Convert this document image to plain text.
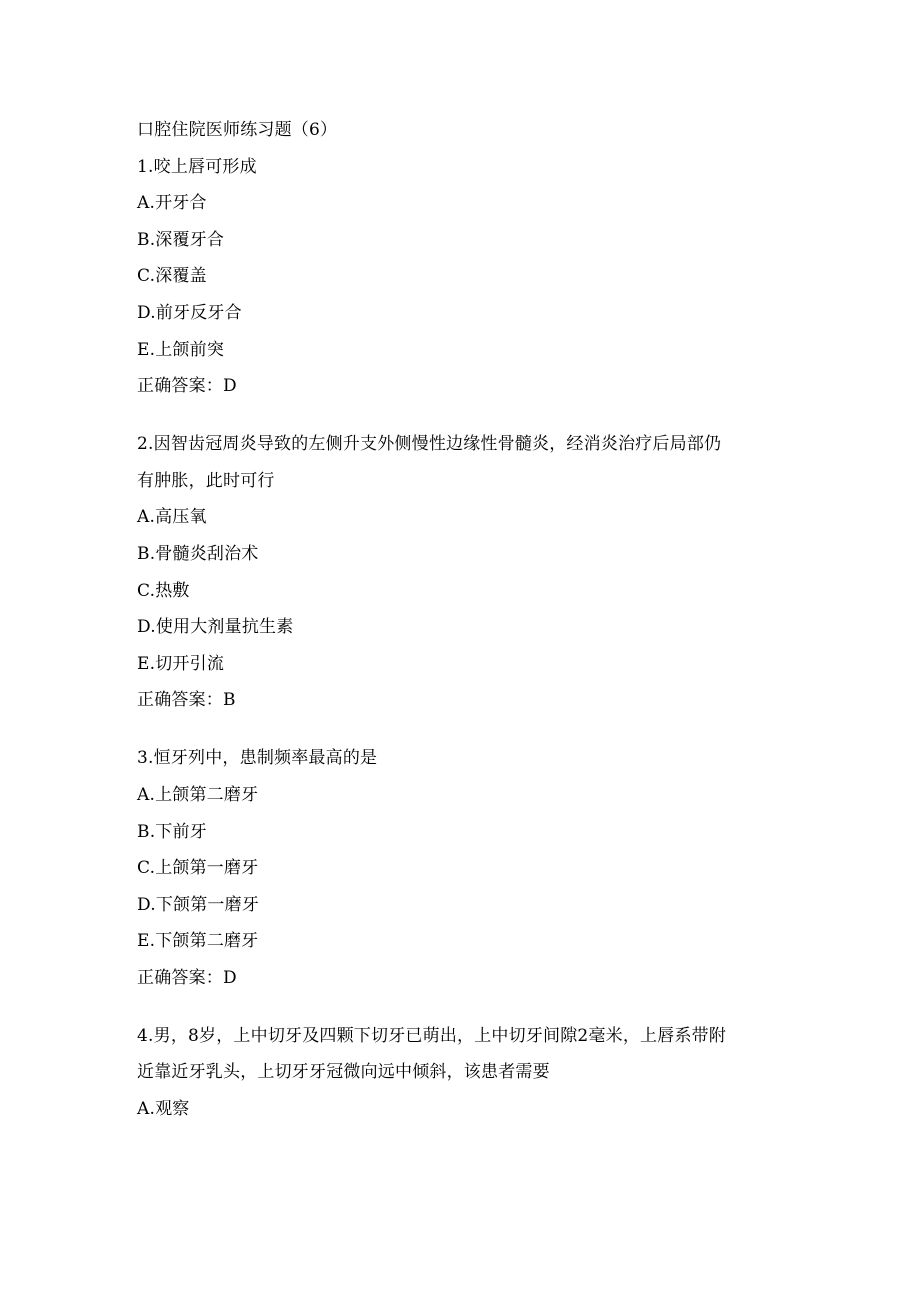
口腔住院医师练习题（6）
1.咬上唇可形成
A.开牙合
B.深覆牙合
C.深覆盖
D.前牙反牙合
E.上颌前突
正确答案：D
2.因智齿冠周炎导致的左侧升支外侧慢性边缘性骨髓炎，经消炎治疗后局部仍
有肿胀，此时可行
A.高压氧
B.骨髓炎刮治术
C.热敷
D.使用大剂量抗生素
E.切开引流
正确答案：B
3.恒牙列中，患制频率最高的是
A.上颌第二磨牙
B.下前牙
C.上颌第一磨牙
D.下颌第一磨牙
E.下颌第二磨牙
正确答案：D
4.男，8岁，上中切牙及四颗下切牙已萌出，上中切牙间隙2毫米，上唇系带附
近靠近牙乳头，上切牙牙冠微向远中倾斜，该患者需要
A.观察
